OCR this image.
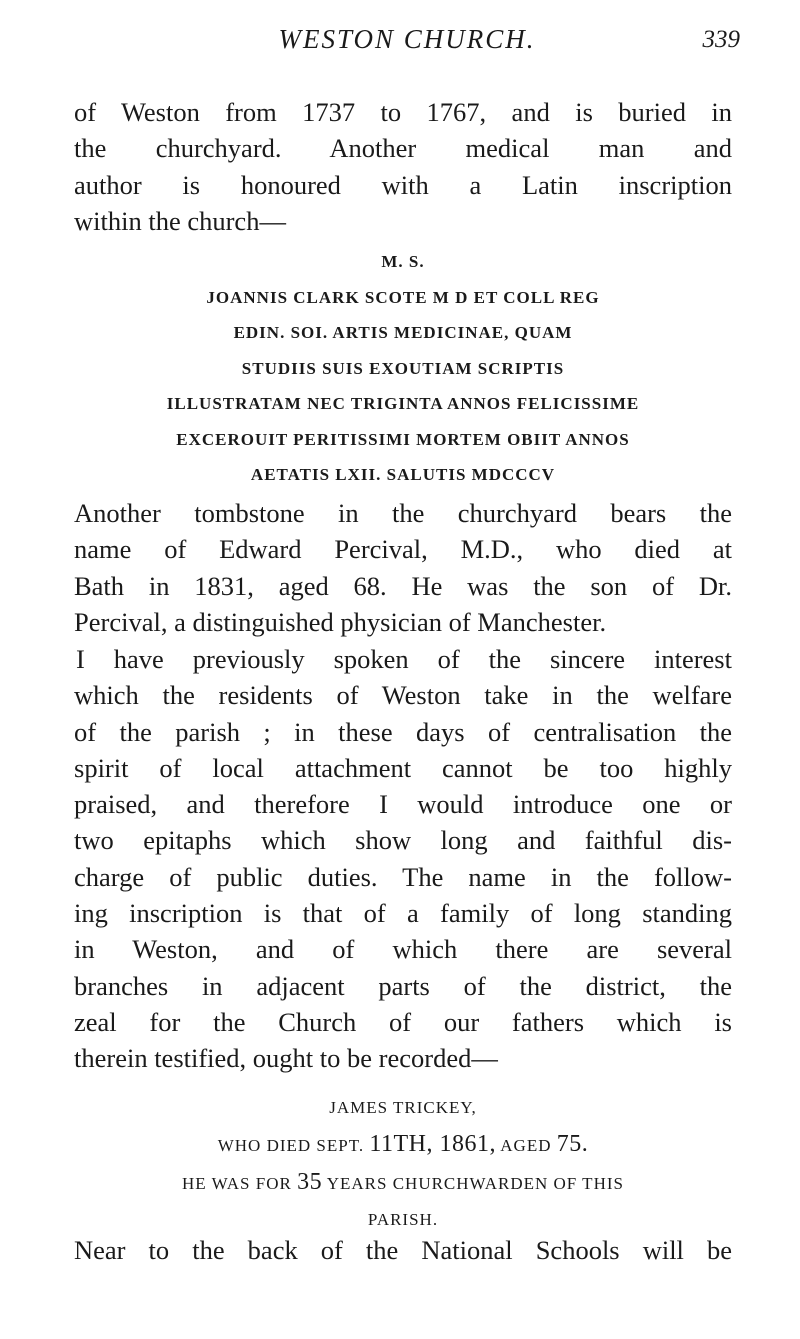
WESTON CHURCH.	339
of Weston from 1737 to 1767, and is buried in
the churchyard. Another medical man and
author is honoured with a Latin inscription
within the church—
M. S.
JOANNIS CLARK SCOTE M D ET COLL REG
EDIN. SOI. ARTIS MEDICINAE, QUAM
STUDIIS SUIS EXOUTIAM SCRIPTIS
ILLUSTRATAM NEC TRIGINTA ANNOS FELICISSIME
EXCEROUIT PERITISSIMI MORTEM OBIIT ANNOS
AETATIS LXII. SALUTIS MDCCCV
Another tombstone in the churchyard bears the
name of Edward Percival, M.D., who died at
Bath in 1831, aged 68. He was the son of Dr.
Percival, a distinguished physician of Manchester.
I have previously spoken of the sincere interest
which the residents of Weston take in the welfare
of the parish ; in these days of centralisation the
spirit of local attachment cannot be too highly
praised, and therefore I would introduce one or
two epitaphs which show long and faithful dis-
charge of public duties. The name in the follow-
ing inscription is that of a family of long standing
in Weston, and of which there are several
branches in adjacent parts of the district, the
zeal for the Church of our fathers which is
therein testified, ought to be recorded—
JAMES TRICKEY,
WHO DIED SEPT. 11TH, 1861, AGED 75.
HE WAS FOR 35 YEARS CHURCHWARDEN OF THIS
PARISH.
Near to the back of the National Schools will be
